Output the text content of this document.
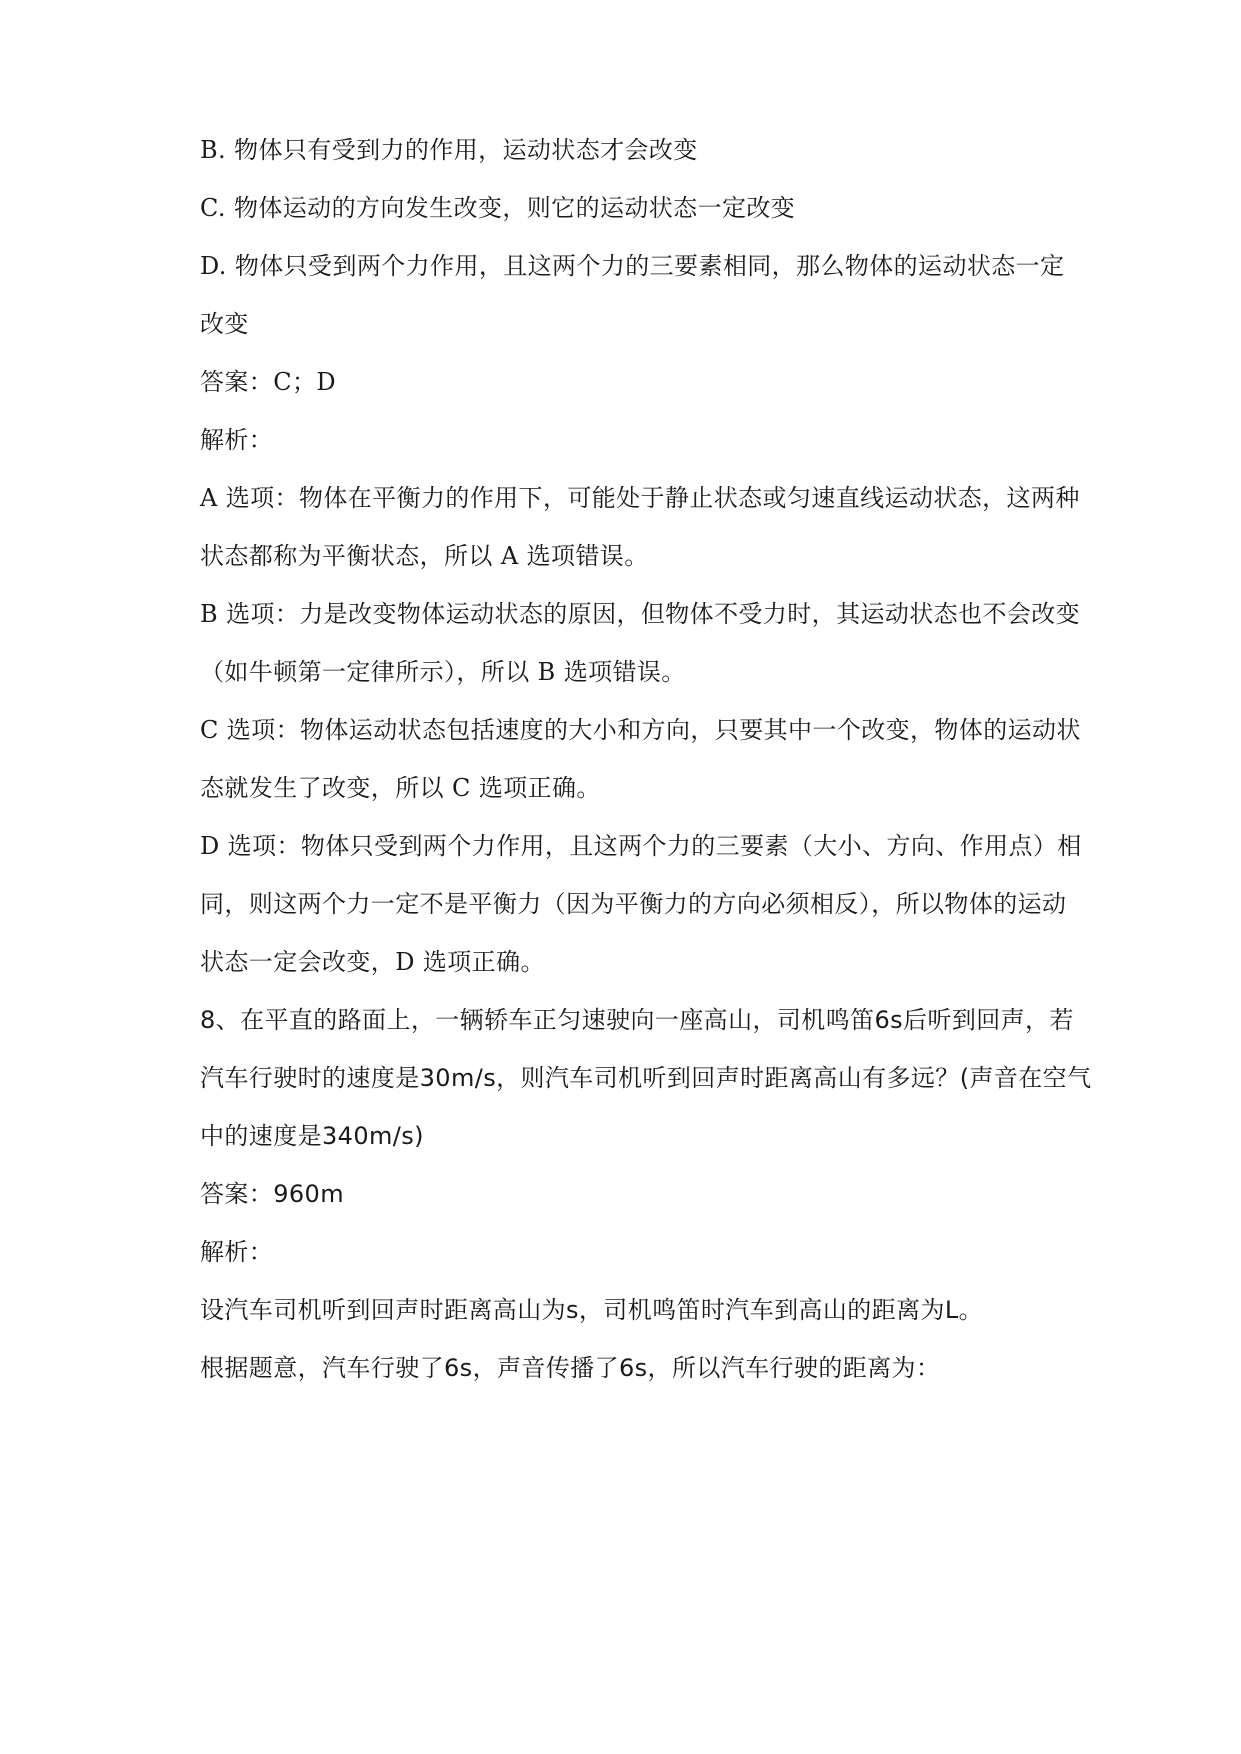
B. 物体只有受到力的作用，运动状态才会改变
C. 物体运动的方向发生改变，则它的运动状态一定改变
D. 物体只受到两个力作用，且这两个力的三要素相同，那么物体的运动状态一定
改变
答案：C；D
解析：
A 选项：物体在平衡力的作用下，可能处于静止状态或匀速直线运动状态，这两种
状态都称为平衡状态，所以 A 选项错误。
B 选项：力是改变物体运动状态的原因，但物体不受力时，其运动状态也不会改变
（如牛顿第一定律所示），所以 B 选项错误。
C 选项：物体运动状态包括速度的大小和方向，只要其中一个改变，物体的运动状
态就发生了改变，所以 C 选项正确。
D 选项：物体只受到两个力作用，且这两个力的三要素（大小、方向、作用点）相
同，则这两个力一定不是平衡力（因为平衡力的方向必须相反），所以物体的运动
状态一定会改变，D 选项正确。
8、在平直的路面上，一辆轿车正匀速驶向一座高山，司机鸣笛6s后听到回声，若
汽车行驶时的速度是30m/s，则汽车司机听到回声时距离高山有多远？(声音在空气
中的速度是340m/s)
答案：960m
解析：
设汽车司机听到回声时距离高山为s，司机鸣笛时汽车到高山的距离为L。
根据题意，汽车行驶了6s，声音传播了6s，所以汽车行驶的距离为：
